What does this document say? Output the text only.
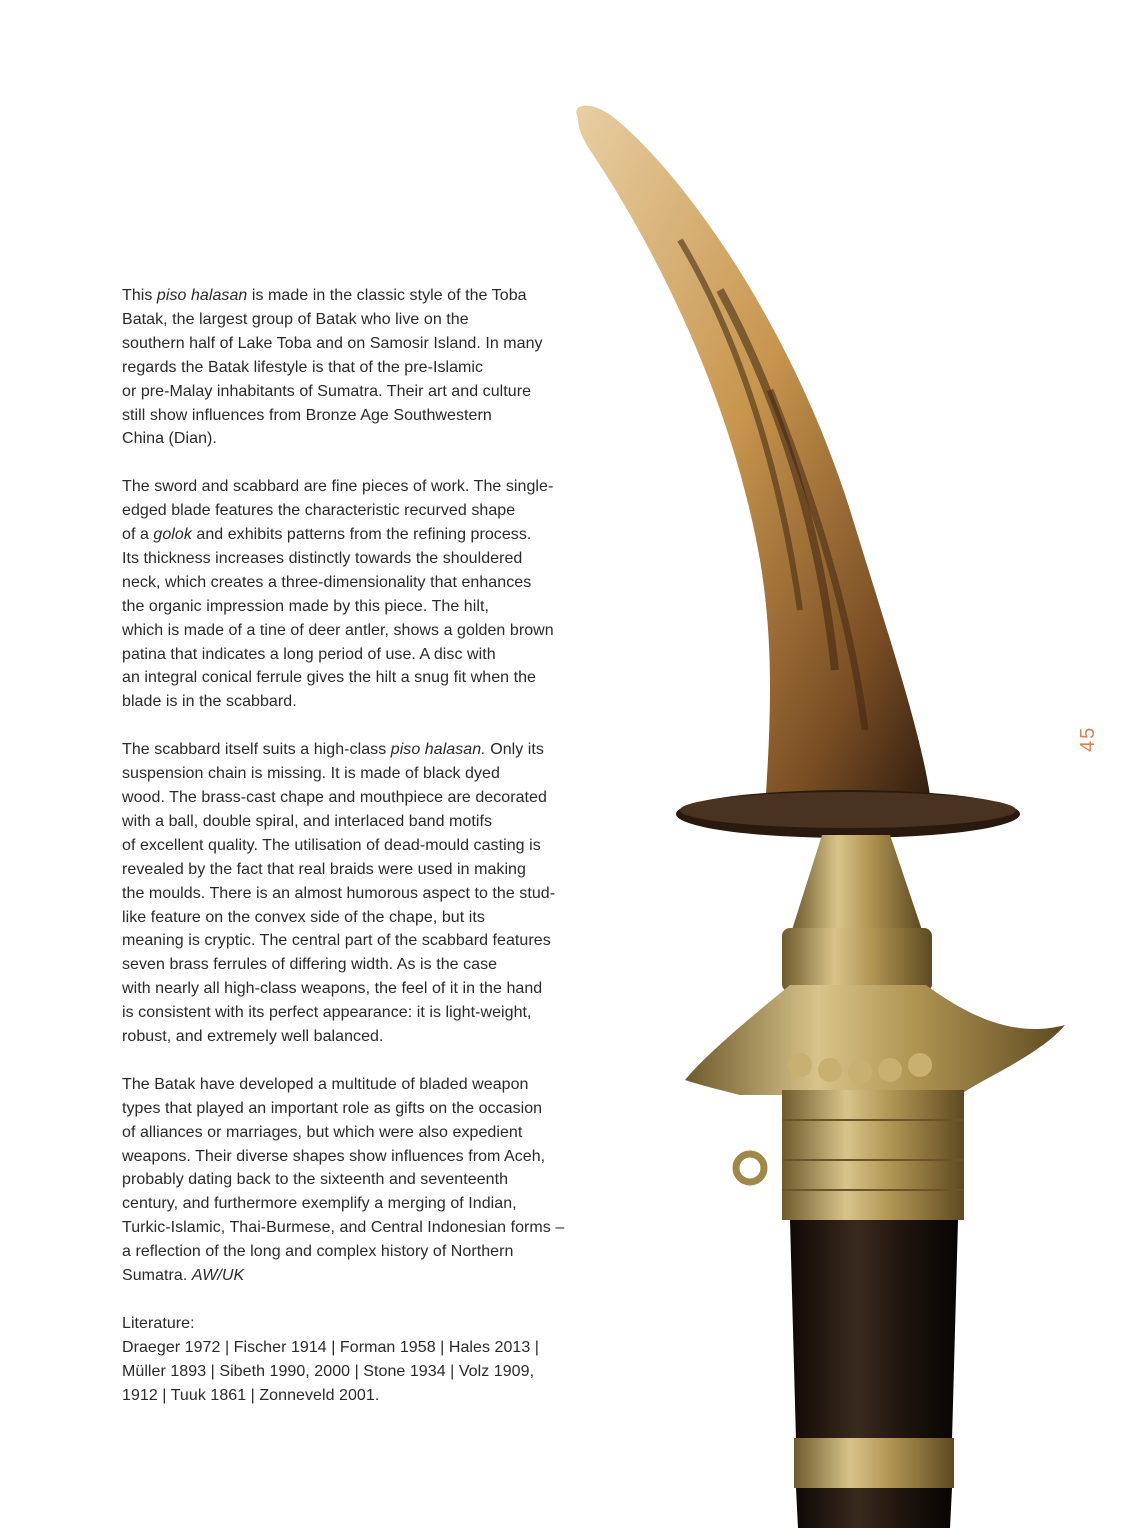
This piso halasan is made in the classic style of the Toba
Batak, the largest group of Batak who live on the
southern half of Lake Toba and on Samosir Island. In many
regards the Batak lifestyle is that of the pre-Islamic
or pre-Malay inhabitants of Sumatra. Their art and culture
still show influences from Bronze Age Southwestern
China (Dian).
The sword and scabbard are fine pieces of work. The single-
edged blade features the characteristic recurved shape
of a golok and exhibits patterns from the refining process.
Its thickness increases distinctly towards the shouldered
neck, which creates a three-dimensionality that enhances
the organic impression made by this piece. The hilt,
which is made of a tine of deer antler, shows a golden brown
patina that indicates a long period of use. A disc with
an integral conical ferrule gives the hilt a snug fit when the
blade is in the scabbard.
The scabbard itself suits a high-class piso halasan. Only its
suspension chain is missing. It is made of black dyed
wood. The brass-cast chape and mouthpiece are decorated
with a ball, double spiral, and interlaced band motifs
of excellent quality. The utilisation of dead-mould casting is
revealed by the fact that real braids were used in making
the moulds. There is an almost humorous aspect to the stud-
like feature on the convex side of the chape, but its
meaning is cryptic. The central part of the scabbard features
seven brass ferrules of differing width. As is the case
with nearly all high-class weapons, the feel of it in the hand
is consistent with its perfect appearance: it is light-weight,
robust, and extremely well balanced.
The Batak have developed a multitude of bladed weapon
types that played an important role as gifts on the occasion
of alliances or marriages, but which were also expedient
weapons. Their diverse shapes show influences from Aceh,
probably dating back to the sixteenth and seventeenth
century, and furthermore exemplify a merging of Indian,
Turkic-Islamic, Thai-Burmese, and Central Indonesian forms –
a reflection of the long and complex history of Northern
Sumatra. AW/UK
Literature:
Draeger 1972 | Fischer 1914 | Forman 1958 | Hales 2013 |
Müller 1893 | Sibeth 1990, 2000 | Stone 1934 | Volz 1909,
1912 | Tuuk 1861 | Zonneveld 2001.
45
